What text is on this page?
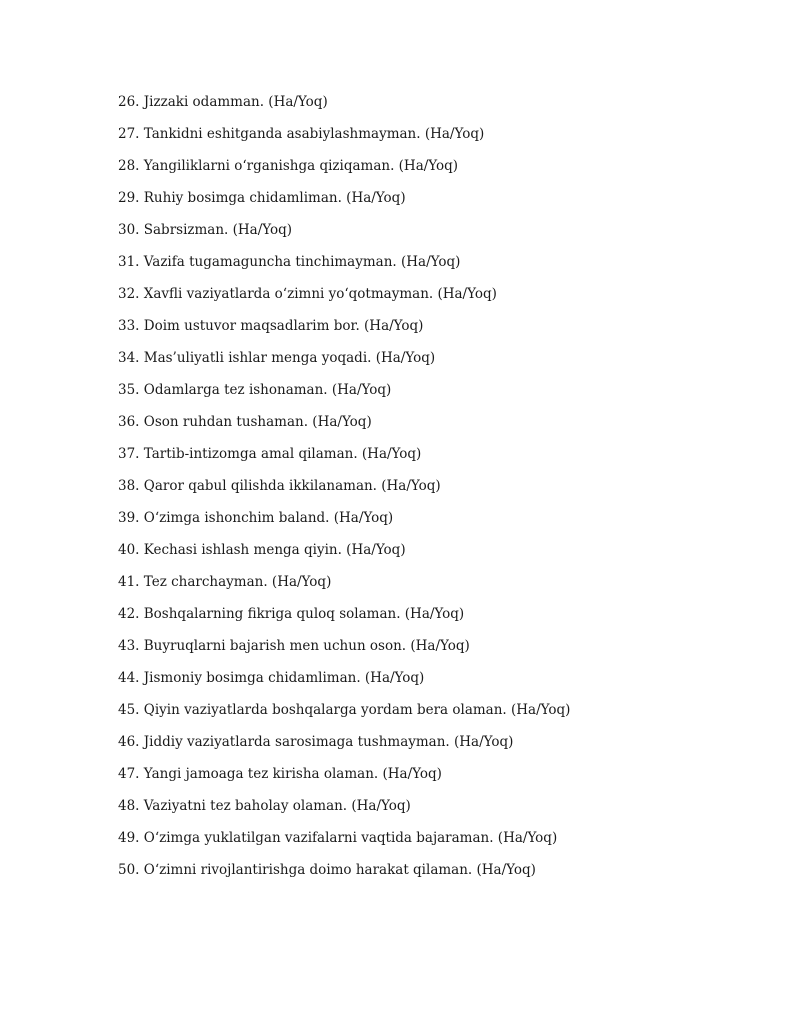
26. Jizzaki odamman. (Ha/Yoq)
27. Tankidni eshitganda asabiylashmayman. (Ha/Yoq)
28. Yangiliklarni o‘rganishga qiziqaman. (Ha/Yoq)
29. Ruhiy bosimga chidamliman. (Ha/Yoq)
30. Sabrsizman. (Ha/Yoq)
31. Vazifa tugamaguncha tinchimayman. (Ha/Yoq)
32. Xavfli vaziyatlarda o‘zimni yo‘qotmayman. (Ha/Yoq)
33. Doim ustuvor maqsadlarim bor. (Ha/Yoq)
34. Mas’uliyatli ishlar menga yoqadi. (Ha/Yoq)
35. Odamlarga tez ishonaman. (Ha/Yoq)
36. Oson ruhdan tushaman. (Ha/Yoq)
37. Tartib-intizomga amal qilaman. (Ha/Yoq)
38. Qaror qabul qilishda ikkilanaman. (Ha/Yoq)
39. O‘zimga ishonchim baland. (Ha/Yoq)
40. Kechasi ishlash menga qiyin. (Ha/Yoq)
41. Tez charchayman. (Ha/Yoq)
42. Boshqalarning fikriga quloq solaman. (Ha/Yoq)
43. Buyruqlarni bajarish men uchun oson. (Ha/Yoq)
44. Jismoniy bosimga chidamliman. (Ha/Yoq)
45. Qiyin vaziyatlarda boshqalarga yordam bera olaman. (Ha/Yoq)
46. Jiddiy vaziyatlarda sarosimaga tushmayman. (Ha/Yoq)
47. Yangi jamoaga tez kirisha olaman. (Ha/Yoq)
48. Vaziyatni tez baholay olaman. (Ha/Yoq)
49. O‘zimga yuklatilgan vazifalarni vaqtida bajaraman. (Ha/Yoq)
50. O‘zimni rivojlantirishga doimo harakat qilaman. (Ha/Yoq)
